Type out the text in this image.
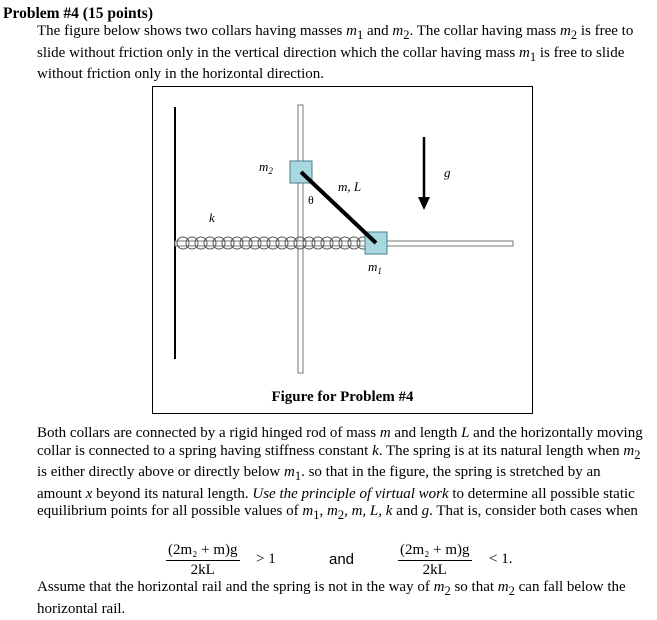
Problem #4 (15 points)
The figure below shows two collars having masses $m_1$ and $m_2$. The collar having mass $m_2$ is free to slide without friction only in the vertical direction which the collar having mass $m_1$ is free to slide without friction only in the horizontal direction.
$m_2$
$m_1$
m, L
θ
k
g
Figure for Problem #4
Both collars are connected by a rigid hinged rod of mass m and length L and the horizontally moving collar is connected to a spring having stiffness constant k. The spring is at its natural length when $m_2$ is either directly above or directly below $m_1$. so that in the figure, the spring is stretched by an amount x beyond its natural length. Use the principle of virtual work to determine all possible static equilibrium points for all possible values of $m_1$, $m_2$, m, L, k and g. That is, consider both cases when
$\frac{\text{(2m₂ + m)g}}{2kL} > 1$	and	$\frac{\text{(2m₂ + m)g}}{2kL} < 1$.
Assume that the horizontal rail and the spring is not in the way of $m_2$ so that $m_2$ can fall below the horizontal rail.
